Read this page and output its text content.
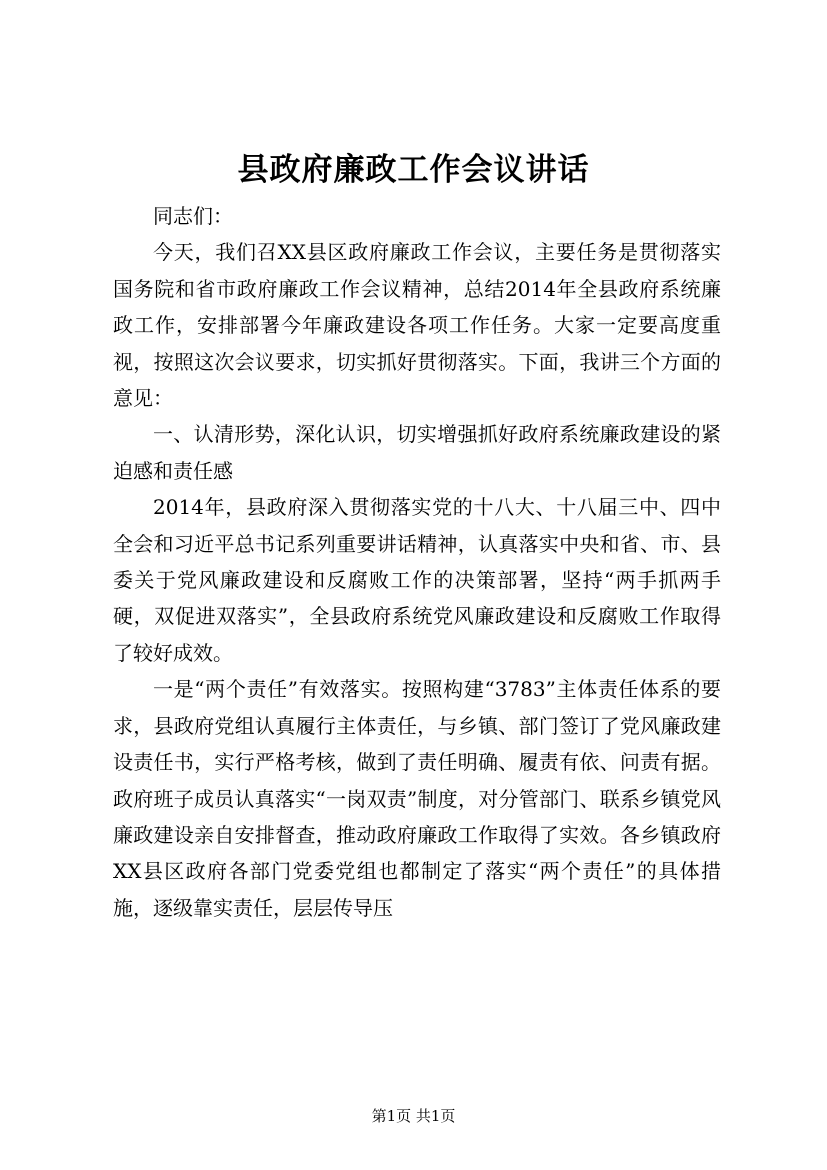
县政府廉政工作会议讲话

同志们：

今天，我们召XX县区政府廉政工作会议，主要任务是贯彻落实国务院和省市政府廉政工作会议精神，总结2014年全县政府系统廉政工作，安排部署今年廉政建设各项工作任务。大家一定要高度重视，按照这次会议要求，切实抓好贯彻落实。下面，我讲三个方面的意见：

一、认清形势，深化认识，切实增强抓好政府系统廉政建设的紧迫感和责任感

2014年，县政府深入贯彻落实党的十八大、十八届三中、四中全会和习近平总书记系列重要讲话精神，认真落实中央和省、市、县委关于党风廉政建设和反腐败工作的决策部署，坚持“两手抓两手硬，双促进双落实”，全县政府系统党风廉政建设和反腐败工作取得了较好成效。

一是“两个责任”有效落实。按照构建“3783”主体责任体系的要求，县政府党组认真履行主体责任，与乡镇、部门签订了党风廉政建设责任书，实行严格考核，做到了责任明确、履责有依、问责有据。政府班子成员认真落实“一岗双责”制度，对分管部门、联系乡镇党风廉政建设亲自安排督查，推动政府廉政工作取得了实效。各乡镇政府XX县区政府各部门党委党组也都制定了落实“两个责任”的具体措施，逐级靠实责任，层层传导压

第1页 共1页
